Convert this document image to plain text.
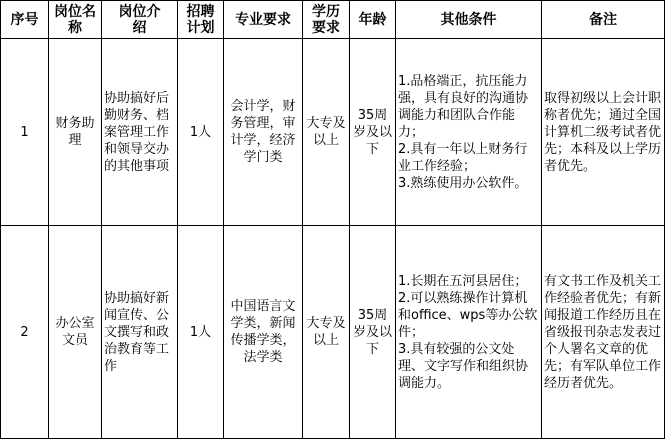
序号	岗位名称	岗位介绍	招聘计划	专业要求	学历要求	年龄	其他条件	备注
1	财务助理	协助搞好后勤财务、档案管理工作和领导交办的其他事项	1人	会计学，财务管理，审计学，经济学门类	大专及以上	35周岁及以下	1.品格端正，抗压能力强，具有良好的沟通协调能力和团队合作能力；
2.具有一年以上财务行业工作经验；
3.熟练使用办公软件。	取得初级以上会计职称者优先；通过全国计算机二级考试者优先；本科及以上学历者优先。
2	办公室文员	协助搞好新闻宣传、公文撰写和政治教育等工作	1人	中国语言文学类，新闻传播学类，法学类	大专及以上	35周岁及以下	1.长期在五河县居住；
2.可以熟练操作计算机和office、wps等办公软件；
3.具有较强的公文处理、文字写作和组织协调能力。	有文书工作及机关工作经验者优先；有新闻报道工作经历且在省级报刊杂志发表过个人署名文章的优先；有军队单位工作经历者优先。
